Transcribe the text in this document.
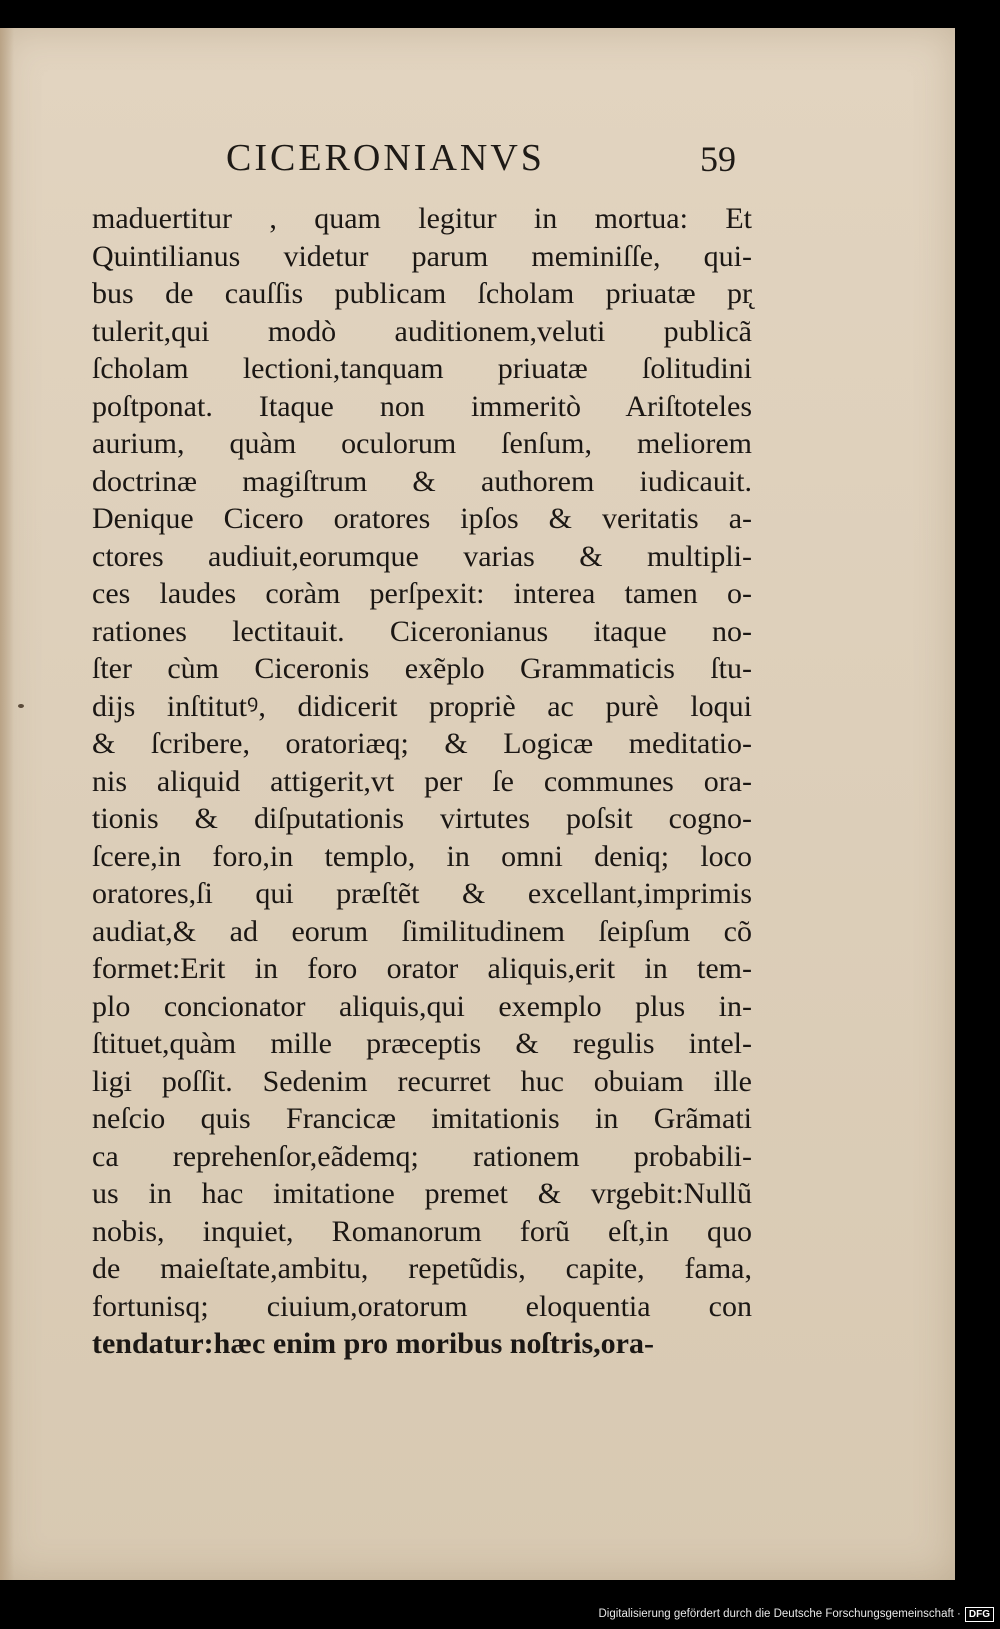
CICERONIANVS	59
maduertitur , quam legitur in mortua: Et
Quintilianus videtur parum meminiſſe, qui-
bus de cauſſis publicam ſcholam priuatæ pr̨
tulerit,qui modò auditionem,veluti publicã
ſcholam lectioni,tanquam priuatæ ſolitudini
poſtponat. Itaque non immeritò Ariſtoteles
aurium, quàm oculorum ſenſum, meliorem
doctrinæ magiſtrum & authorem iudicauit.
Denique Cicero oratores ipſos & veritatis a-
ctores audiuit,eorumque varias & multipli-
ces laudes coràm perſpexit: interea tamen o-
rationes lectitauit. Ciceronianus itaque no-
ſter cùm Ciceronis exẽplo Grammaticis ſtu-
dijs inſtitutꝰ, didicerit propriè ac purè loqui
& ſcribere, oratoriæq; & Logicæ meditatio-
nis aliquid attigerit,vt per ſe communes ora-
tionis & diſputationis virtutes poſsit cogno-
ſcere,in foro,in templo, in omni deniq; loco
oratores,ſi qui præſtẽt & excellant,imprimis
audiat,& ad eorum ſimilitudinem ſeipſum cõ
formet:Erit in foro orator aliquis,erit in tem-
plo concionator aliquis,qui exemplo plus in-
ſtituet,quàm mille præceptis & regulis intel-
ligi poſſit. Sedenim recurret huc obuiam ille
neſcio quis Francicæ imitationis in Grãmati
ca reprehenſor,eãdemq; rationem probabili-
us in hac imitatione premet & vrgebit:Nullũ
nobis, inquiet, Romanorum forũ eſt,in quo
de maieſtate,ambitu, repetũdis, capite, fama,
fortunisq; ciuium,oratorum eloquentia con
tendatur:hæc enim pro moribus noſtris,ora-
Digitalisierung gefördert durch die Deutsche Forschungsgemeinschaft · DFG
